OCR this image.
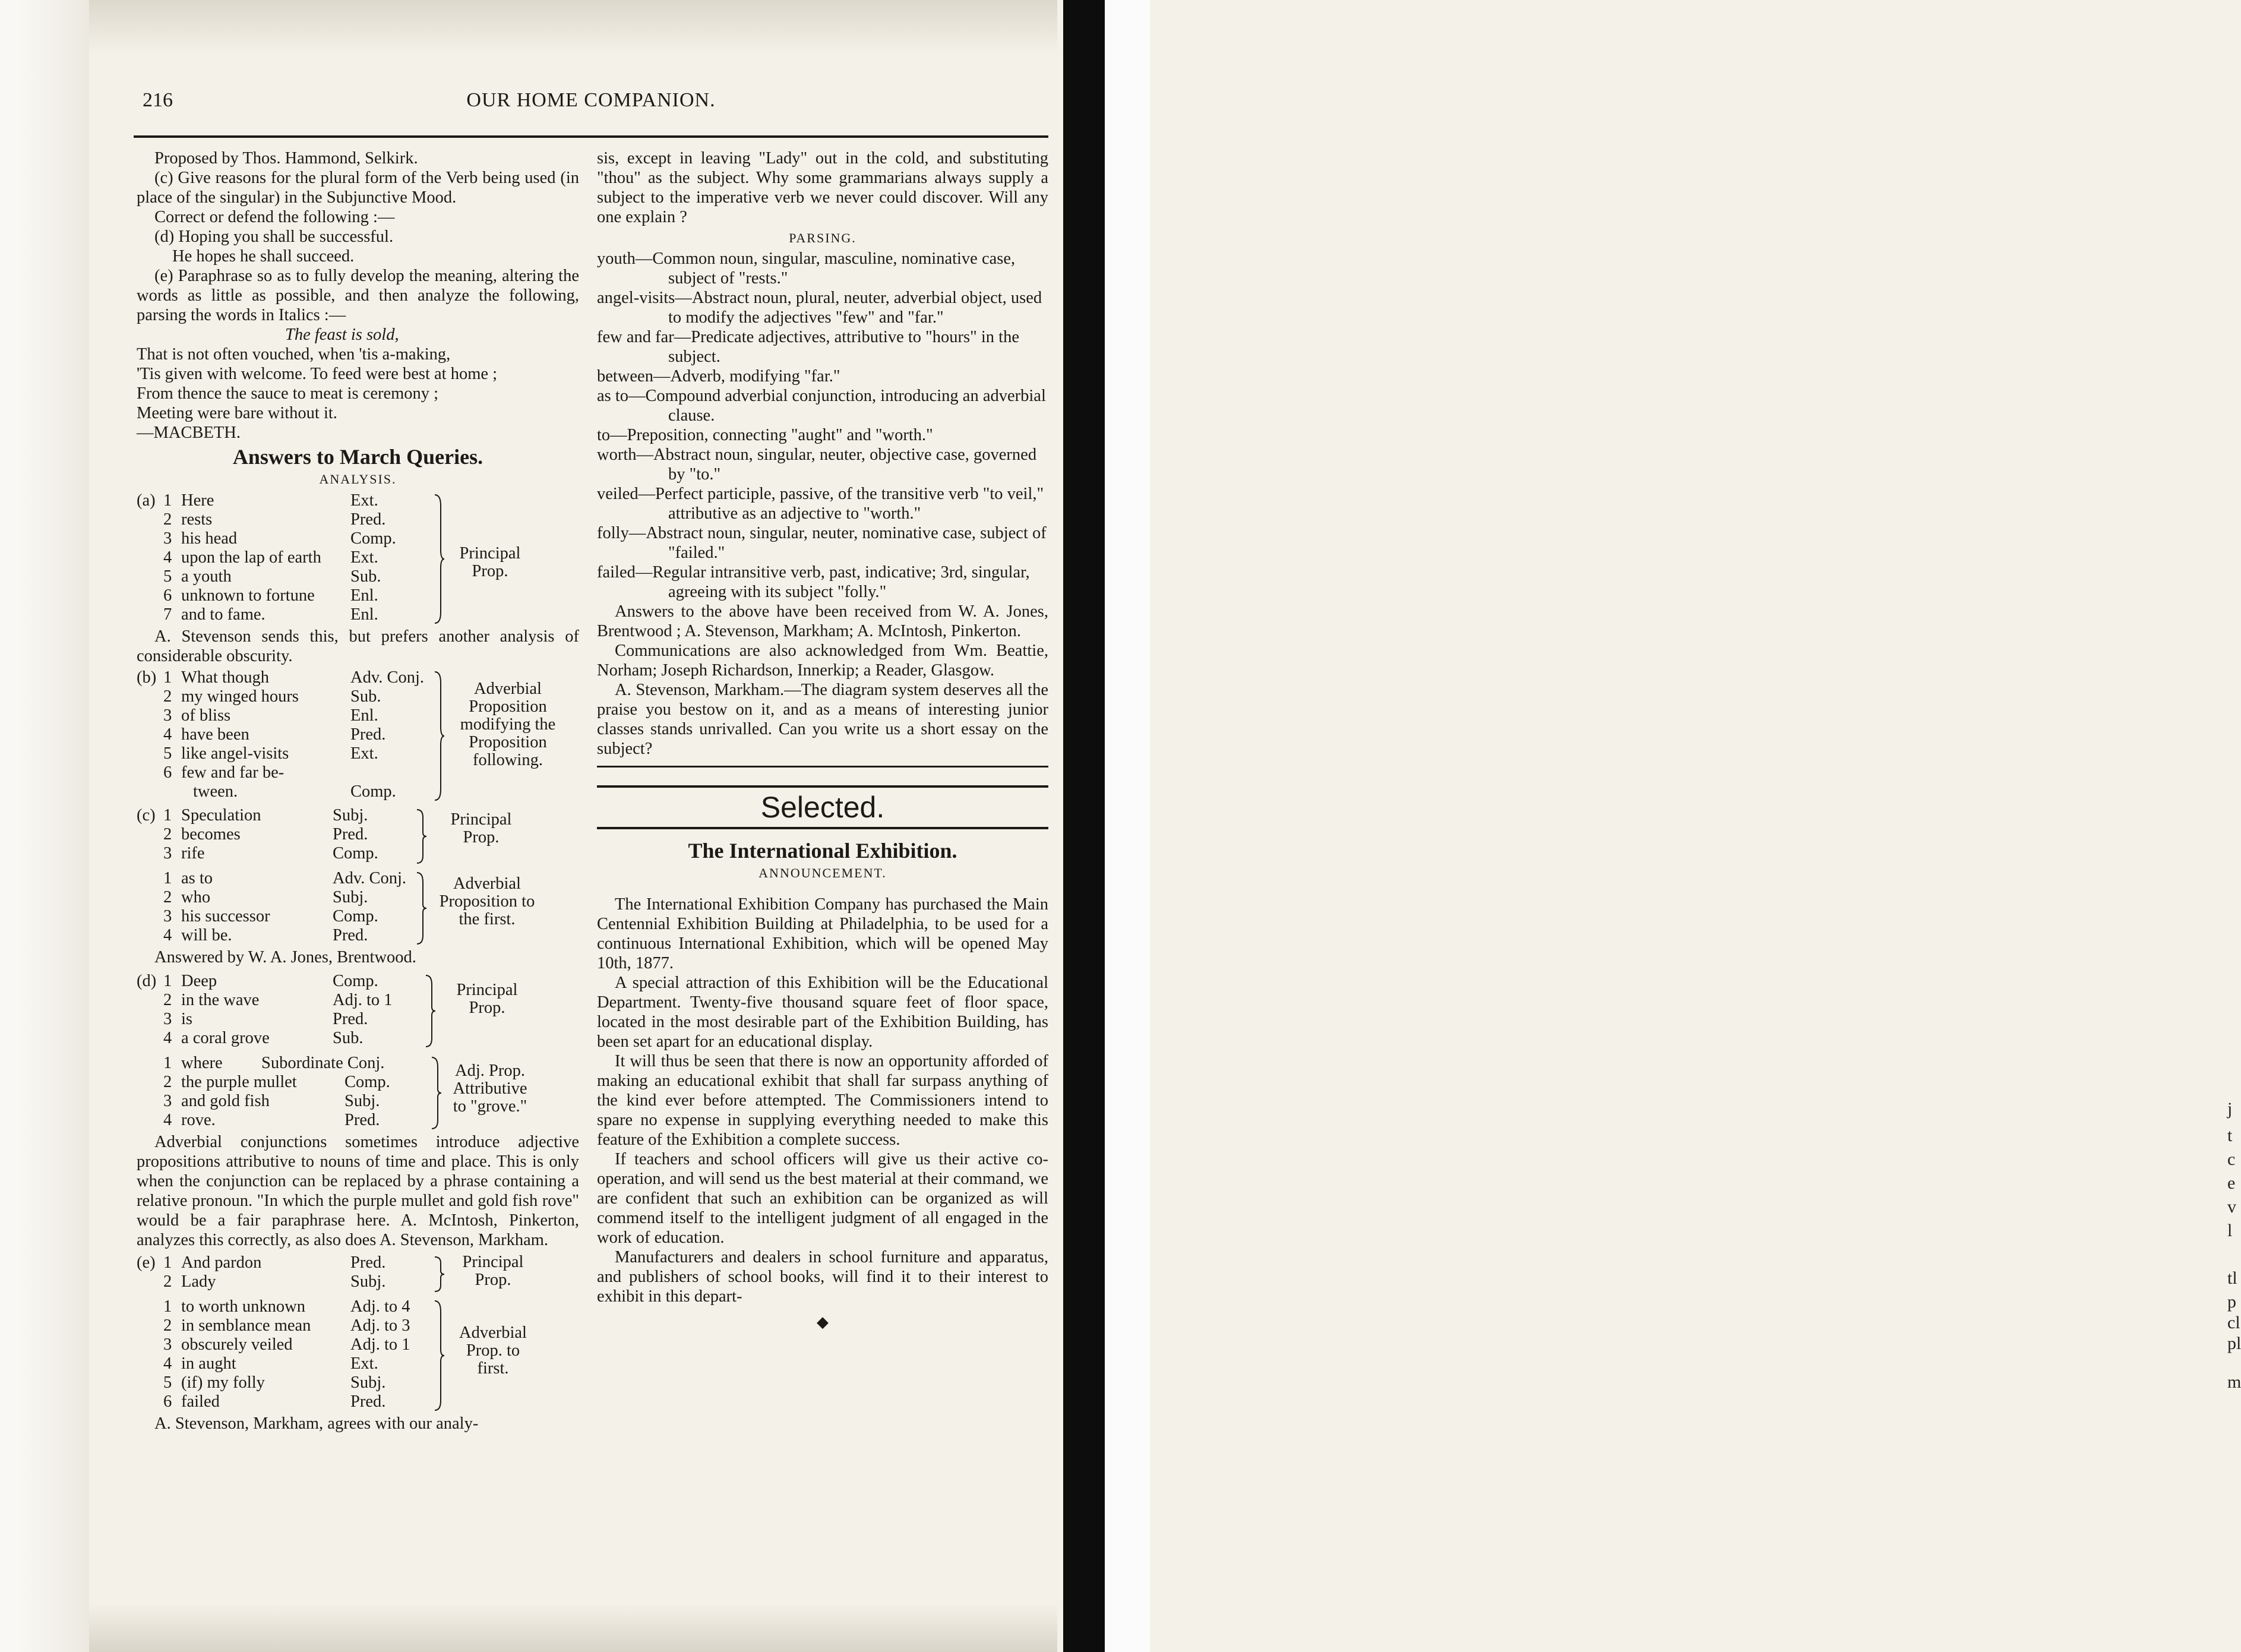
j
t
c
e
v
l
tl
p
cl
pl
m
216	OUR HOME COMPANION.

Proposed by Thos. Hammond, Selkirk.

(c) Give reasons for the plural form of the Verb being used (in place of the singular) in the Subjunctive Mood.

Correct or defend the following :—

(d) Hoping you shall be successful.

He hopes he shall succeed.

(e) Paraphrase so as to fully develop the meaning, altering the words as little as possible, and then analyze the following, parsing the words in Italics :—

The feast is sold,

That is not often vouched, when 'tis a-making,

'Tis given with welcome. To feed were best at home ;

From thence the sauce to meat is ceremony ;

Meeting were bare without it.

—MACBETH.

Answers to March Queries.
ANALYSIS.
(a) 1 Here	Ext.
2 rests	Pred.
3 his head	Comp.
4 upon the lap of earth	Ext.
5 a youth	Sub.
6 unknown to fortune	Enl.
7 and to fame.	Enl.
Principal Prop.

A. Stevenson sends this, but prefers another analysis of considerable obscurity.

(b) 1 What though	Adv. Conj.
2 my winged hours	Sub.
3 of bliss	Enl.
4 have been	Pred.
5 like angel-visits	Ext.
6 few and far be-
tween.	Comp.
Adverbial Proposition modifying the Proposition following.
(c) 1 Speculation	Subj.
2 becomes	Pred.
3 rife	Comp.
Principal Prop.
1 as to	Adv. Conj.
2 who	Subj.
3 his successor	Comp.
4 will be.	Pred.
Adverbial Proposition to the first.

Answered by W. A. Jones, Brentwood.

(d) 1 Deep	Comp.
2 in the wave	Adj. to 1
3 is	Pred.
4 a coral grove	Sub.
Principal Prop.
1 where	Subordinate Conj.
2 the purple mullet	Comp.
3 and gold fish	Subj.
4 rove.	Pred.
Adj. Prop. Attributive to "grove."

Adverbial conjunctions sometimes introduce adjective propositions attributive to nouns of time and place. This is only when the conjunction can be replaced by a phrase containing a relative pronoun. "In which the purple mullet and gold fish rove" would be a fair paraphrase here. A. McIntosh, Pinkerton, analyzes this correctly, as also does A. Stevenson, Markham.

(e) 1 And pardon	Pred.
2 Lady	Subj.
Principal Prop.
1 to worth unknown	Adj. to 4
2 in semblance mean	Adj. to 3
3 obscurely veiled	Adj. to 1
4 in aught	Ext.
5 (if) my folly	Subj.
6 failed	Pred.
Adverbial Prop. to first.

A. Stevenson, Markham, agrees with our analy-

sis, except in leaving "Lady" out in the cold, and substituting "thou" as the subject. Why some grammarians always supply a subject to the imperative verb we never could discover. Will any one explain ?

PARSING.

youth—Common noun, singular, masculine, nominative case, subject of "rests."

angel-visits—Abstract noun, plural, neuter, adverbial object, used to modify the adjectives "few" and "far."

few and far—Predicate adjectives, attributive to "hours" in the subject.

between—Adverb, modifying "far."

as to—Compound adverbial conjunction, introducing an adverbial clause.

to—Preposition, connecting "aught" and "worth."

worth—Abstract noun, singular, neuter, objective case, governed by "to."

veiled—Perfect participle, passive, of the transitive verb "to veil," attributive as an adjective to "worth."

folly—Abstract noun, singular, neuter, nominative case, subject of "failed."

failed—Regular intransitive verb, past, indicative; 3rd, singular, agreeing with its subject "folly."

Answers to the above have been received from W. A. Jones, Brentwood ; A. Stevenson, Markham; A. McIntosh, Pinkerton.

Communications are also acknowledged from Wm. Beattie, Norham; Joseph Richardson, Innerkip; a Reader, Glasgow.

A. Stevenson, Markham.—The diagram system deserves all the praise you bestow on it, and as a means of interesting junior classes stands unrivalled. Can you write us a short essay on the subject?

Selected.
The International Exhibition.
ANNOUNCEMENT.

The International Exhibition Company has purchased the Main Centennial Exhibition Building at Philadelphia, to be used for a continuous International Exhibition, which will be opened May 10th, 1877.

A special attraction of this Exhibition will be the Educational Department. Twenty-five thousand square feet of floor space, located in the most desirable part of the Exhibition Building, has been set apart for an educational display.

It will thus be seen that there is now an opportunity afforded of making an educational exhibit that shall far surpass anything of the kind ever before attempted. The Commissioners intend to spare no expense in supplying everything needed to make this feature of the Exhibition a complete success.

If teachers and school officers will give us their active co-operation, and will send us the best material at their command, we are confident that such an exhibition can be organized as will commend itself to the intelligent judgment of all engaged in the work of education.

Manufacturers and dealers in school furniture and apparatus, and publishers of school books, will find it to their interest to exhibit in this depart-

◆
